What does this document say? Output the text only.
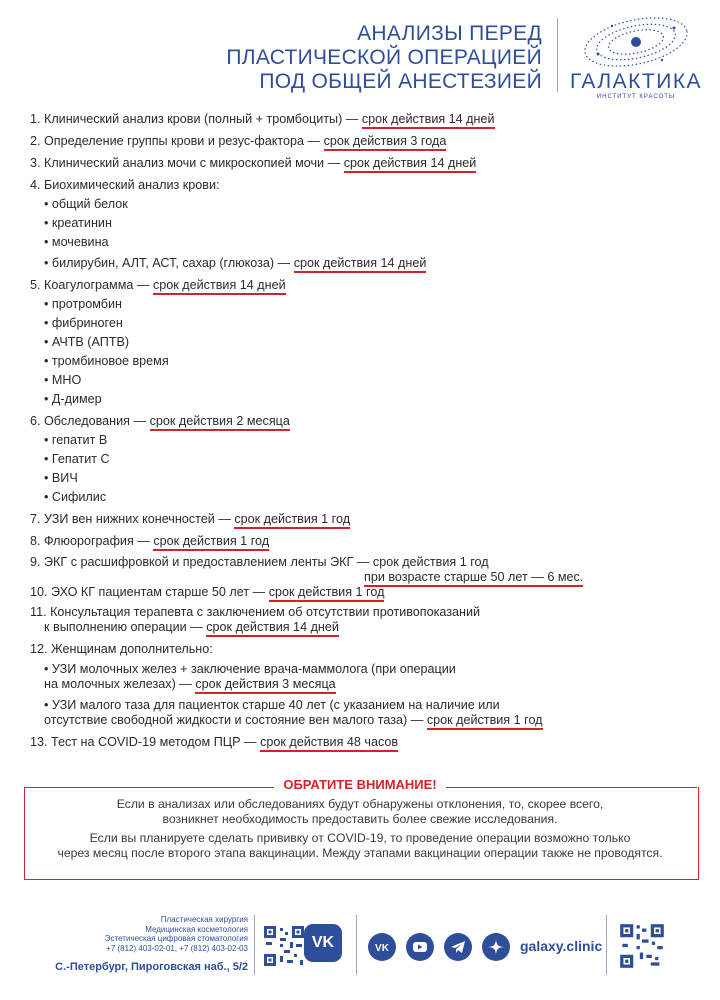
АНАЛИЗЫ ПЕРЕД
ПЛАСТИЧЕСКОЙ ОПЕРАЦИЕЙ
ПОД ОБЩЕЙ АНЕСТЕЗИЕЙ ГАЛАКТИКА
ИНСТИТУТ КРАСОТЫ
1. Клинический анализ крови (полный + тромбоциты) — срок действия 14 дней
2. Определение группы крови и резус-фактора — срок действия 3 года
3. Клинический анализ мочи с микроскопией мочи — срок действия 14 дней
4. Биохимический анализ крови:
• общий белок
• креатинин
• мочевина
• билирубин, АЛТ, АСТ, сахар (глюкоза) — срок действия 14 дней
5. Коагулограмма — срок действия 14 дней
• протромбин
• фибриноген
• АЧТВ (АПТВ)
• тромбиновое время
• МНО
• Д-димер
6. Обследования — срок действия 2 месяца
• гепатит В
• Гепатит С
• ВИЧ
• Сифилис
7. УЗИ вен нижних конечностей — срок действия 1 год
8. Флюорография — срок действия 1 год
9. ЭКГ с расшифровкой и предоставлением ленты ЭКГ — срок действия 1 год
при возрасте старше 50 лет — 6 мес.
10. ЭХО КГ пациентам старше 50 лет — срок действия 1 год
11. Консультация терапевта с заключением об отсутствии противопоказаний
к выполнению операции — срок действия 14 дней
12. Женщинам дополнительно:
• УЗИ молочных желез + заключение врача-маммолога (при операции
на молочных железах) — срок действия 3 месяца
• УЗИ малого таза для пациенток старше 40 лет (с указанием на наличие или
отсутствие свободной жидкости и состояние вен малого таза) — срок действия 1 год
13. Тест на COVID-19 методом ПЦР — срок действия 48 часов
ОБРАТИТЕ ВНИМАНИЕ!
Если в анализах или обследованиях будут обнаружены отклонения, то, скорее всего,
возникнет необходимость предоставить более свежие исследования.
Если вы планируете сделать прививку от COVID-19, то проведение операции возможно только
через месяц после второго этапа вакцинации. Между этапами вакцинации операции также не проводятся.
Пластическая хирургия
Медицинская косметология
Эстетическая цифровая стоматология
+7 (812) 403-02-01, +7 (812) 403-02-03
С.-Петербург, Пироговская наб., 5/2
VK	VK	galaxy.clinic
